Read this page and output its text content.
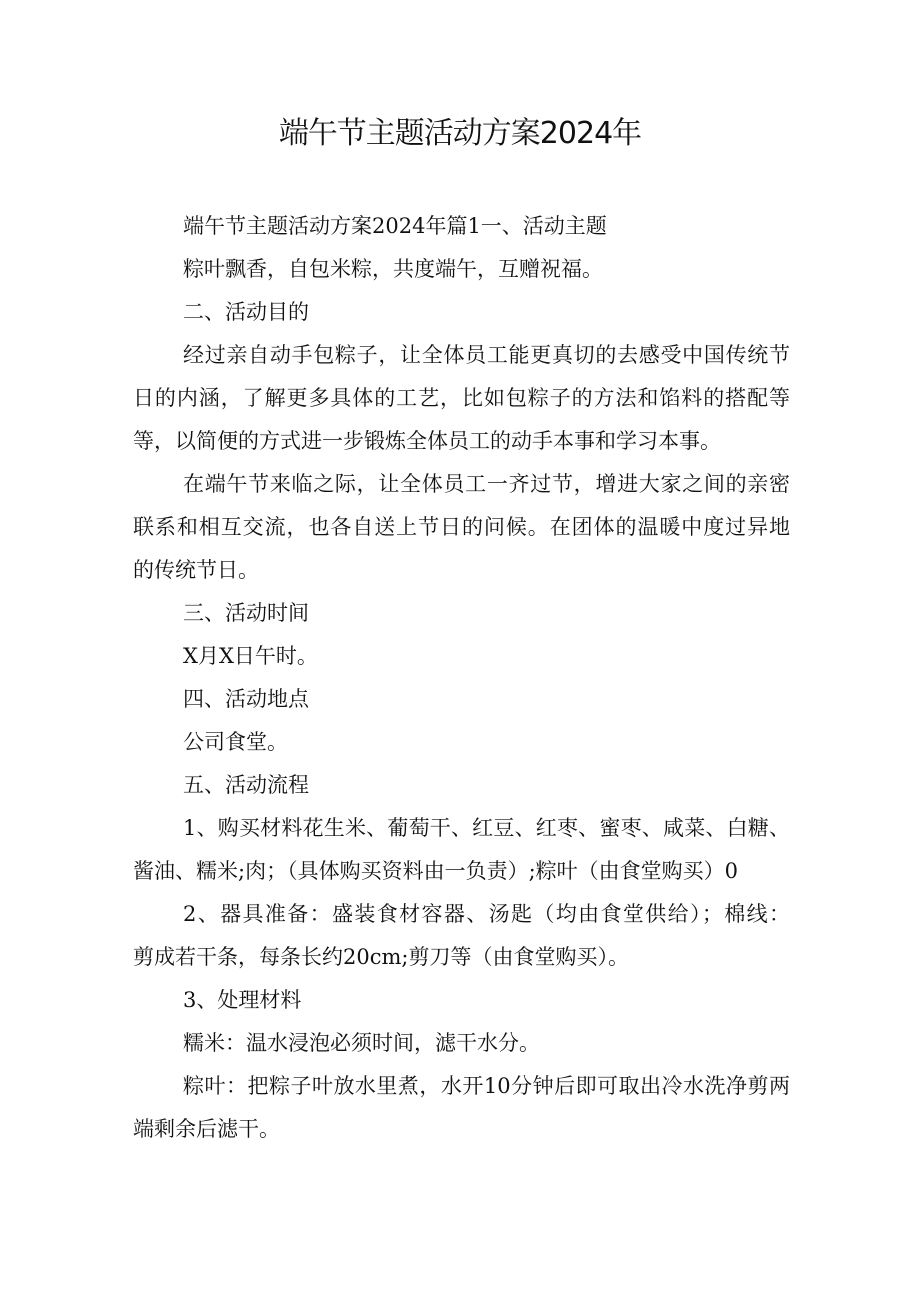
端午节主题活动方案2024年
端午节主题活动方案2024年篇1一、活动主题
粽叶飘香，自包米粽，共度端午，互赠祝福。
二、活动目的
经过亲自动手包粽子，让全体员工能更真切的去感受中国传统节
日的内涵，了解更多具体的工艺，比如包粽子的方法和馅料的搭配等
等，以简便的方式进一步锻炼全体员工的动手本事和学习本事。
在端午节来临之际，让全体员工一齐过节，增进大家之间的亲密
联系和相互交流，也各自送上节日的问候。在团体的温暖中度过异地
的传统节日。
三、活动时间
X月X日午时。
四、活动地点
公司食堂。
五、活动流程
1、购买材料花生米、葡萄干、红豆、红枣、蜜枣、咸菜、白糖、
酱油、糯米;肉；（具体购买资料由一负责）;粽叶（由食堂购买）0
2、器具准备：盛装食材容器、汤匙（均由食堂供给）；棉线：
剪成若干条，每条长约20cm;剪刀等（由食堂购买）。
3、处理材料
糯米：温水浸泡必须时间，滤干水分。
粽叶：把粽子叶放水里煮，水开10分钟后即可取出冷水洗净剪两
端剩余后滤干。
